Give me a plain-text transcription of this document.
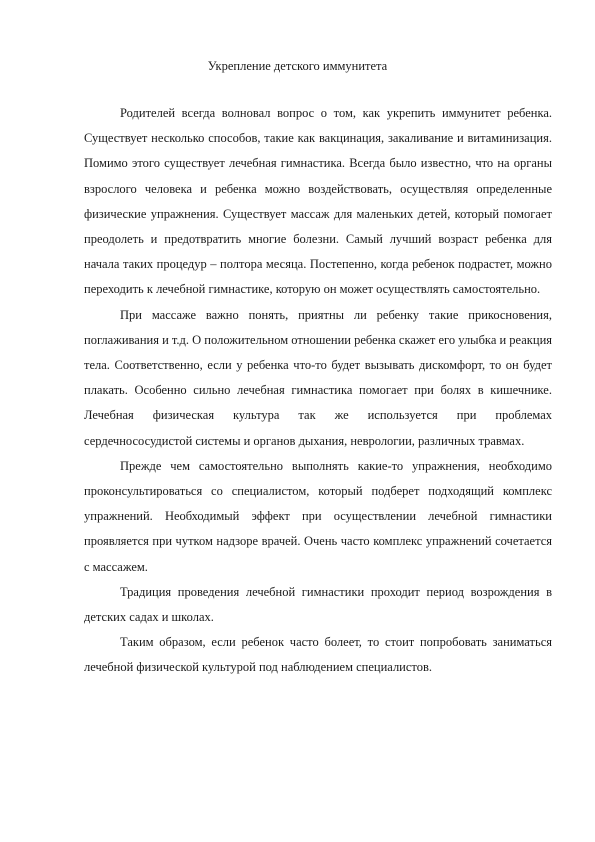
Укрепление детского иммунитета

Родителей всегда волновал вопрос о том, как укрепить иммунитет ребенка. Существует несколько способов, такие как вакцинация, закаливание и витаминизация. Помимо этого существует лечебная гимнастика. Всегда было известно, что на органы взрослого человека и ребенка можно воздействовать, осуществляя определенные физические упражнения. Существует массаж для маленьких детей, который помогает преодолеть и предотвратить многие болезни. Самый лучший возраст ребенка для начала таких процедур – полтора месяца. Постепенно, когда ребенок подрастет, можно переходить к лечебной гимнастике, которую он может осуществлять самостоятельно.

При массаже важно понять, приятны ли ребенку такие прикосновения, поглаживания и т.д. О положительном отношении ребенка скажет его улыбка и реакция тела. Соответственно, если у ребенка что-то будет вызывать дискомфорт, то он будет плакать. Особенно сильно лечебная гимнастика помогает при болях в кишечнике. Лечебная физическая культура так же используется при проблемах сердечнососудистой системы и органов дыхания, неврологии, различных травмах.

Прежде чем самостоятельно выполнять какие-то упражнения, необходимо проконсультироваться со специалистом, который подберет подходящий комплекс упражнений. Необходимый эффект при осуществлении лечебной гимнастики проявляется при чутком надзоре врачей. Очень часто комплекс упражнений сочетается с массажем.

Традиция проведения лечебной гимнастики проходит период возрождения в детских садах и школах.

Таким образом, если ребенок часто болеет, то стоит попробовать заниматься лечебной физической культурой под наблюдением специалистов.
